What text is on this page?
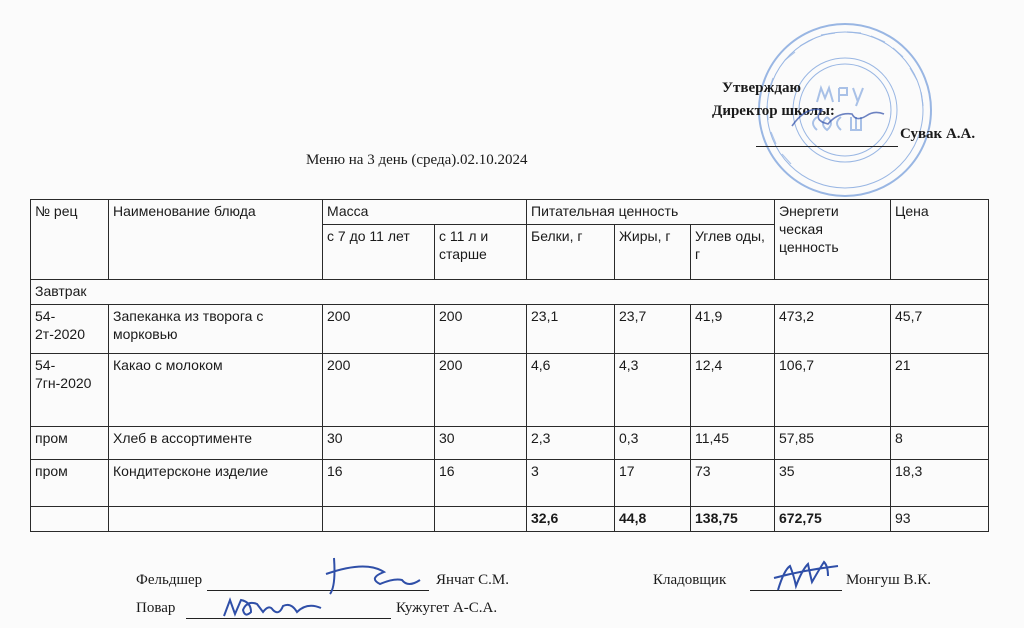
Утверждаю
Директор школы:
Сувак А.А.
Меню на 3 день (среда).02.10.2024
№ рец	Наименование блюда	Масса		Питательная ценность			Энергети ческая ценность	Цена
		с 7 до 11 лет	с 11 л и старше	Белки, г	Жиры, г	Углев оды, г		
Завтрак								
54-2т-2020	Запеканка из творога с морковью	200	200	23,1	23,7	41,9	473,2	45,7
54-7гн-2020	Какао с молоком	200	200	4,6	4,3	12,4	106,7	21
пром	Хлеб в ассортименте	30	30	2,3	0,3	11,45	57,85	8
пром	Кондитерсконе изделие	16	16	3	17	73	35	18,3
				32,6	44,8	138,75	672,75	93
Фельдшер	Янчат С.М.
Повар	Кужугет А-С.А.
Кладовщик	Монгуш В.К.
